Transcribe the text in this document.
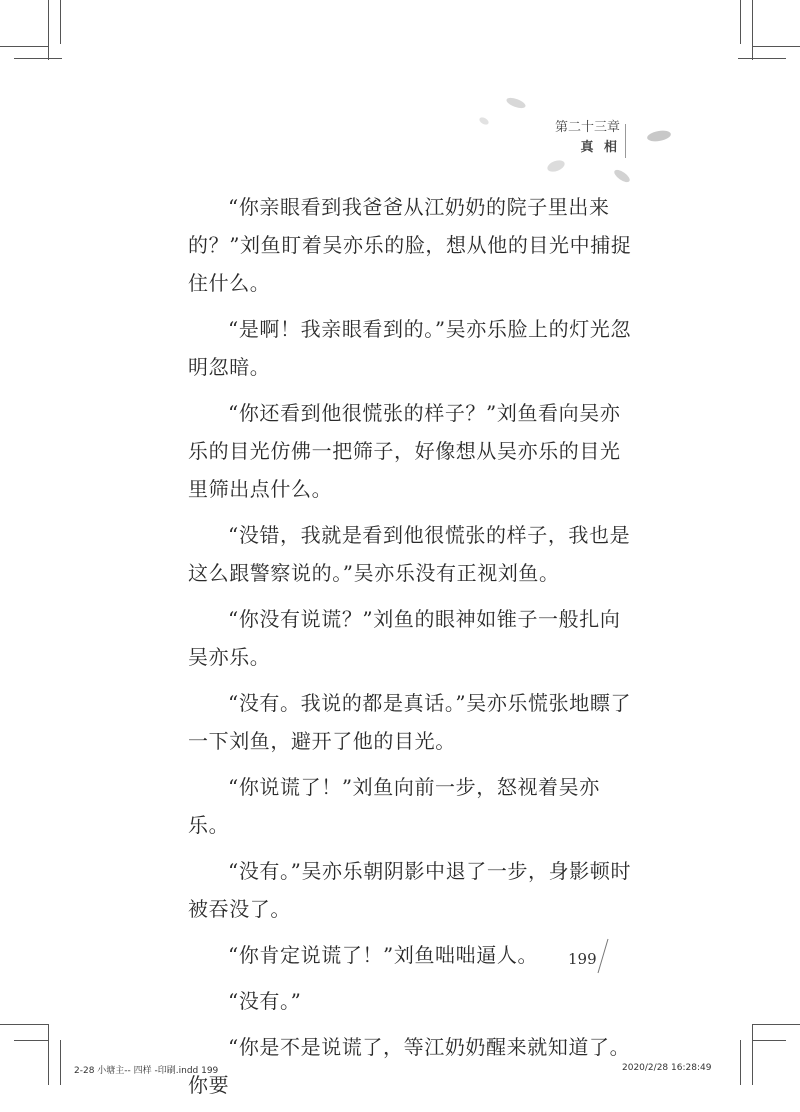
第二十三章
真 相

“你亲眼看到我爸爸从江奶奶的院子里出来的？”刘鱼盯着吴亦乐的脸，想从他的目光中捕捉住什么。

“是啊！我亲眼看到的。”吴亦乐脸上的灯光忽明忽暗。

“你还看到他很慌张的样子？”刘鱼看向吴亦乐的目光仿佛一把筛子，好像想从吴亦乐的目光里筛出点什么。

“没错，我就是看到他很慌张的样子，我也是这么跟警察说的。”吴亦乐没有正视刘鱼。

“你没有说谎？”刘鱼的眼神如锥子一般扎向吴亦乐。

“没有。我说的都是真话。”吴亦乐慌张地瞟了一下刘鱼，避开了他的目光。

“你说谎了！”刘鱼向前一步，怒视着吴亦乐。

“没有。”吴亦乐朝阴影中退了一步，身影顿时被吞没了。

“你肯定说谎了！”刘鱼咄咄逼人。

“没有。”

“你是不是说谎了，等江奶奶醒来就知道了。你要

199
2-28 小塘主-- 四样 -印刷.indd 199	2020/2/28 16:28:49
